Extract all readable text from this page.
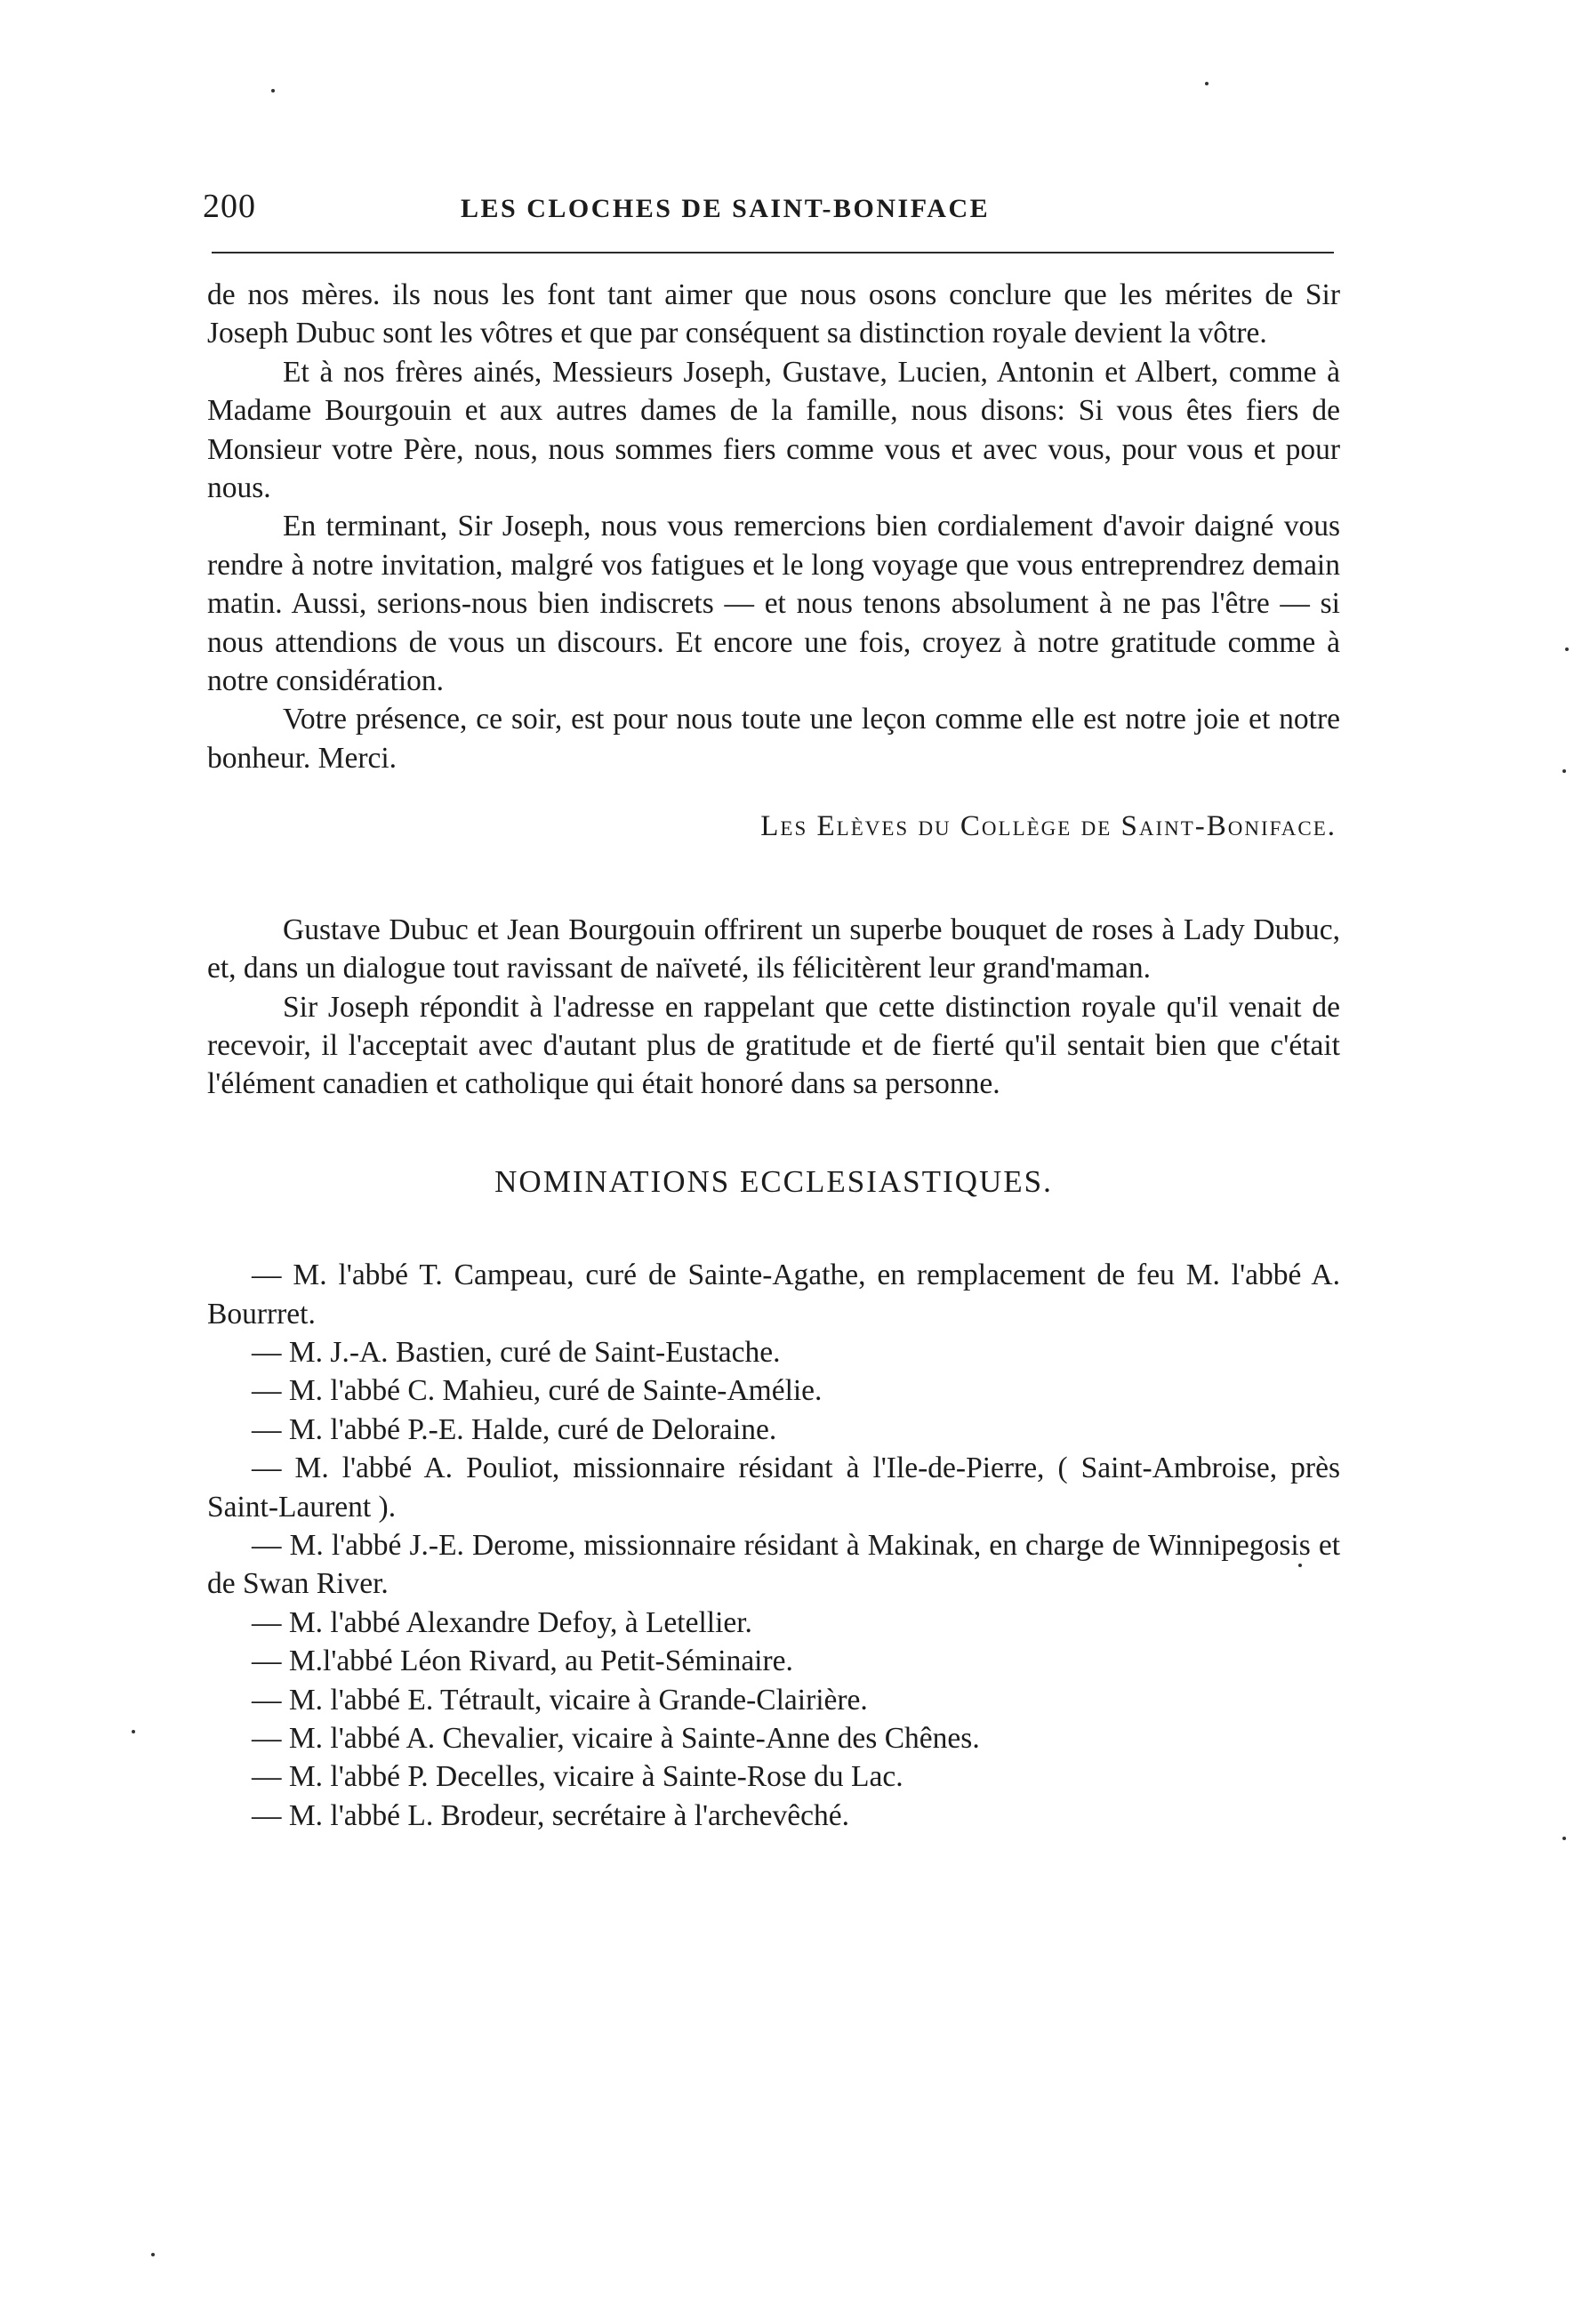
200	LES CLOCHES DE SAINT-BONIFACE

de nos mères. ils nous les font tant aimer que nous osons conclure que les mérites de Sir Joseph Dubuc sont les vôtres et que par conséquent sa distinction royale devient la vôtre.

Et à nos frères ainés, Messieurs Joseph, Gustave, Lucien, Antonin et Albert, comme à Madame Bourgouin et aux autres dames de la famille, nous disons: Si vous êtes fiers de Monsieur votre Père, nous, nous sommes fiers comme vous et avec vous, pour vous et pour nous.

En terminant, Sir Joseph, nous vous remercions bien cordialement d'avoir daigné vous rendre à notre invitation, malgré vos fatigues et le long voyage que vous entreprendrez demain matin. Aussi, serions-nous bien indiscrets — et nous tenons absolument à ne pas l'être — si nous attendions de vous un discours. Et encore une fois, croyez à notre gratitude comme à notre considération.

Votre présence, ce soir, est pour nous toute une leçon comme elle est notre joie et notre bonheur. Merci.

Les Elèves du Collège de Saint-Boniface.

Gustave Dubuc et Jean Bourgouin offrirent un superbe bouquet de roses à Lady Dubuc, et, dans un dialogue tout ravissant de naïveté, ils félicitèrent leur grand'maman.

Sir Joseph répondit à l'adresse en rappelant que cette distinction royale qu'il venait de recevoir, il l'acceptait avec d'autant plus de gratitude et de fierté qu'il sentait bien que c'était l'élément canadien et catholique qui était honoré dans sa personne.

NOMINATIONS ECCLESIASTIQUES.
— M. l'abbé T. Campeau, curé de Sainte-Agathe, en remplacement de feu M. l'abbé A. Bourrret.
— M. J.-A. Bastien, curé de Saint-Eustache.
— M. l'abbé C. Mahieu, curé de Sainte-Amélie.
— M. l'abbé P.-E. Halde, curé de Deloraine.
— M. l'abbé A. Pouliot, missionnaire résidant à l'Ile-de-Pierre, ( Saint-Ambroise, près Saint-Laurent ).
— M. l'abbé J.-E. Derome, missionnaire résidant à Makinak, en charge de Winnipegosis et de Swan River.
— M. l'abbé Alexandre Defoy, à Letellier.
— M.l'abbé Léon Rivard, au Petit-Séminaire.
— M. l'abbé E. Tétrault, vicaire à Grande-Clairière.
— M. l'abbé A. Chevalier, vicaire à Sainte-Anne des Chênes.
— M. l'abbé P. Decelles, vicaire à Sainte-Rose du Lac.
— M. l'abbé L. Brodeur, secrétaire à l'archevêché.
